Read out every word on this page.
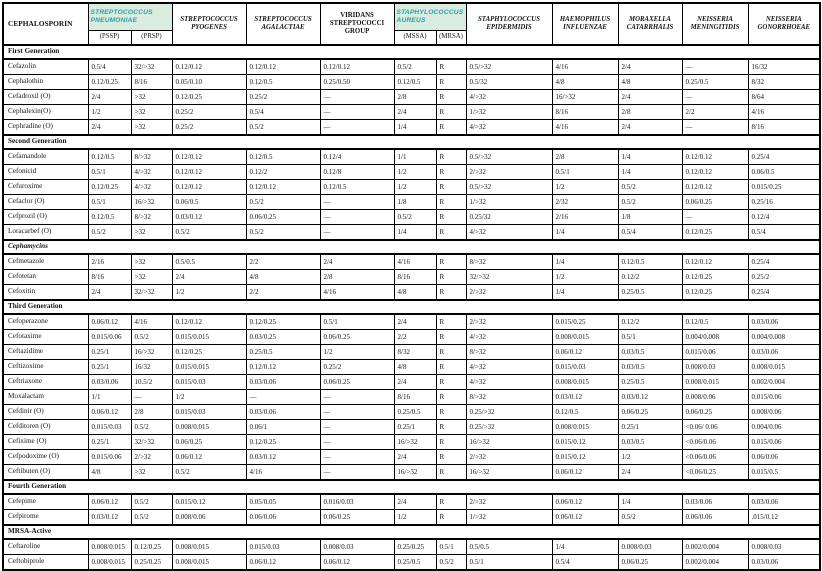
CEPHALOSPORIN	STREPTOCOCCUS PNEUMONIAE		STREPTOCOCCUS PYOGENES	STREPTOCOCCUS AGALACTIAE	VIRIDANS STREPTOCOCCI GROUP	STAPHYLOCOCCUS AUREUS		STAPHYLOCOCCUS EPIDERMIDIS	HAEMOPHILUS INFLUENZAE	MORAXELLA CATARRHALIS	NEISSERIA MENINGITIDIS	NEISSERIA GONORRHOEAE
	(PSSP)	(PRSP)				(MSSA)	(MRSA)					
First Generation												
Cefazolin	0.5/4	32/>32	0.12/0.12	0.12/0.12	0.12/0.12	0.5/2	R	0.5/>32	4/16	2/4	—	16/32
Cephalothin	0.12/0.25	8/16	0.05/0.10	0.12/0.5	0.25/0.50	0.12/0.5	R	0.5/32	4/8	4/8	0.25/0.5	8/32
Cefadroxil (O)	2/4	>32	0.12/0.25	0.25/2	—	2/8	R	4/>32	16/>32	2/4	—	8/64
Cephalexin(O)	1/2	>32	0.25/2	0.5/4	—	2/4	R	1/>32	8/16	2/8	2/2	4/16
Cephradine (O)	2/4	>32	0.25/2	0.5/2	—	1/4	R	4/>32	4/16	2/4	—	8/16
Second Generation												
Cefamandole	0.12/0.5	8/>32	0.12/0.12	0.12/0.5	0.12/4	1/1	R	0.5/>32	2/8	1/4	0.12/0.12	0.25/4
Cefonicid	0.5/1	4/>32	0.12/0.12	0.12/2	0.12/8	1/2	R	2/>32	0.5/1	1/4	0.12/0.12	0.06/0.5
Cefuroxime	0.12/0.25	4/>32	0.12/0.12	0.12/0.12	0.12/0.5	1/2	R	0.5/>32	1/2	0.5/2	0.12/0.12	0.015/0.25
Cefaclor (O)	0.5/1	16/>32	0.06/0.5	0.5/2	—	1/8	R	1/>32	2/32	0.5/2	0.06/0.25	0.25/16
Cefprozil (O)	0.12/0.5	8/>32	0.03/0.12	0.06/0.25	—	0.5/2	R	0.25/32	2/16	1/8	—	0.12/4
Loracarbef (O)	0.5/2	>32	0.5/2	0.5/2	—	1/4	R	4/>32	1/4	0.5/4	0.12/0.25	0.5/4
Cephamycins												
Cefmetazole	2/16	>32	0.5/0.5	2/2	2/4	4/16	R	8/>32	1/4	0.12/0.5	0.12/0.12	0.25/4
Cefotetan	8/16	>32	2/4	4/8	2/8	8/16	R	32/>32	1/2	0.12/2	0.12/0.25	0.25/2
Cefoxitin	2/4	32/>32	1/2	2/2	4/16	4/8	R	2/>32	1/4	0.25/0.5	0.12/0.25	0.25/4
Third Generation												
Cefoperazone	0.06/0.12	4/16	0.12/0.12	0.12/0.25	0.5/1	2/4	R	2/>32	0.015/0.25	0.12/2	0.12/0.5	0.03/0.06
Cefotaxime	0.015/0.06	0.5/2	0.015/0.015	0.03/0.25	0.06/0.25	2/2	R	4/>32	0.008/0.015	0.5/1	0.004/0.008	0.004/0.008
Ceftazidime	0.25/1	16/>32	0.12/0.25	0.25/0.5	1/2	8/32	R	8/>32	0.06/0.12	0.03/0.5	0.015/0.06	0.03/0.06
Ceftizoxime	0.25/1	16/32	0.015/0.015	0.12/0.12	0.25/2	4/8	R	4/>32	0.015/0.03	0.03/0.5	0.008/0.03	0.008/0.015
Ceftriaxone	0.03/0.06	10.5/2	0.015/0.03	0.03/0.06	0.06/0.25	2/4	R	4/>32	0.008/0.015	0.25/0.5	0.008/0.015	0.002/0.004
Moxalactam	1/1	—	1/2	—	—	8/16	R	8/>32	0.03/0.12	0.03/0.12	0.008/0.06	0.015/0.06
Cefdinir (O)	0.06/0.12	2/8	0.015/0.03	0.03/0.06	—	0.25/0.5	R	0.25/>32	0.12/0.5	0.06/0.25	0.06/0.25	0.008/0.06
Cefditoren (O)	0.015/0.03	0.5/2	0.008/0.015	0.06/1	—	0.25/1	R	0.25/>32	0.008/0.015	0.25/1	<0.06/ 0.06	0.004/0.06
Cefixime (O)	0.25/1	32/>32	0.06/0.25	0.12/0.25	—	16/>32	R	16/>32	0.015/0.12	0.03/0.5	<0.06/0.06	0.015/0.06
Cefpodoxime (O)	0.015/0.06	2/>32	0.06/0.12	0.03/0.12	—	2/4	R	2/>32	0.015/0.12	1/2	<0.06/0.06	0.06/0.06
Ceftibuten (O)	4/8	>32	0.5/2	4/16	—	16/>32	R	16/>32	0.06/0.12	2/4	<0.06/0.25	0.015/0.5
Fourth Generation												
Cefepime	0.06/0.12	0.5/2	0.015/0.12	0.05/0.05	0.016/0.03	2/4	R	2/>32	0.06/0.12	1/4	0.03/0.06	0.03/0.06
Cefpirome	0.03/0.12	0.5/2	0.008/0.06	0.06/0.06	0.06/0.25	1/2	R	1/>32	0.06/0.12	0.5/2	0.06/0.06	.015/0.12
MRSA-Active												
Ceftaroline	0.008/0.015	0.12/0.25	0.008/0.015	0.015/0.03	0.008/0.03	0.25/0.25	0.5/1	0.5/0.5	1/4	0.008/0.03	0.002/0.004	0.008/0.03
Ceftobiprole	0.008/0.015	0.25/0.25	0.008/0.015	0.06/0.12	0.06/0.12	0.25/0.5	0.5/2	0.5/1	0.5/4	0.06/0.25	0.002/0.004	0.03/0.06
